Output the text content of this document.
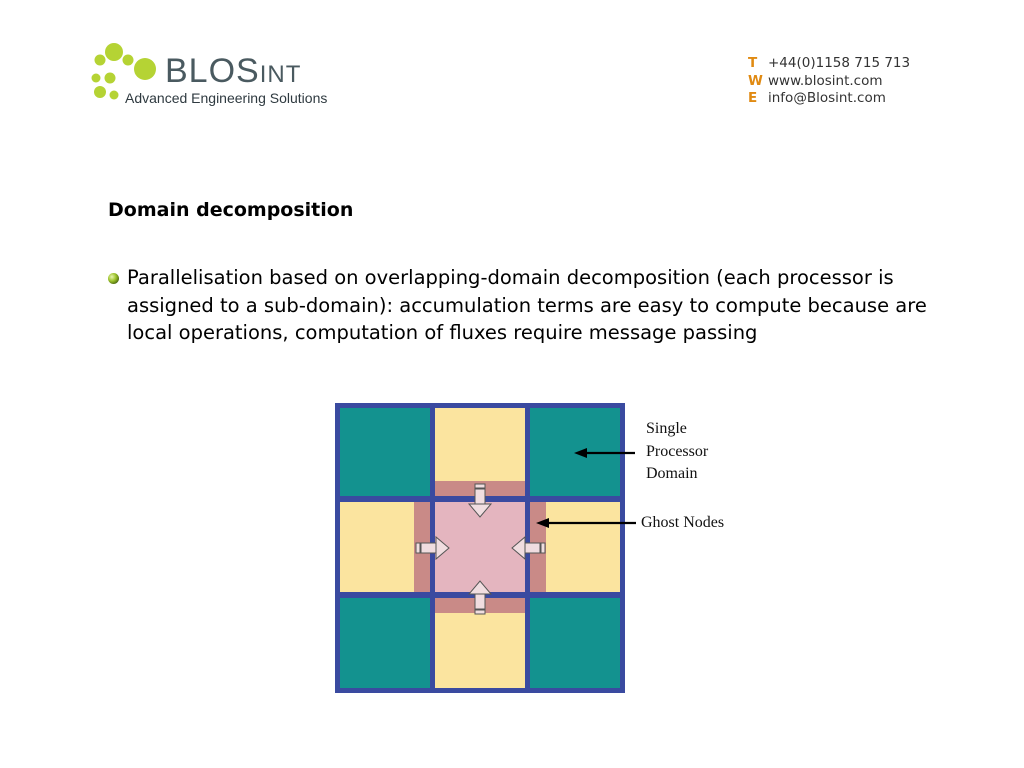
BLOSINT
Advanced Engineering Solutions
T +44(0)1158 715 713
W www.blosint.com
E info@Blosint.com
Domain decomposition
Parallelisation based on overlapping-domain decomposition (each processor is assigned to a sub-domain): accumulation terms are easy to compute because are local operations, computation of fluxes require message passing
Single
Processor
Domain
Ghost Nodes
